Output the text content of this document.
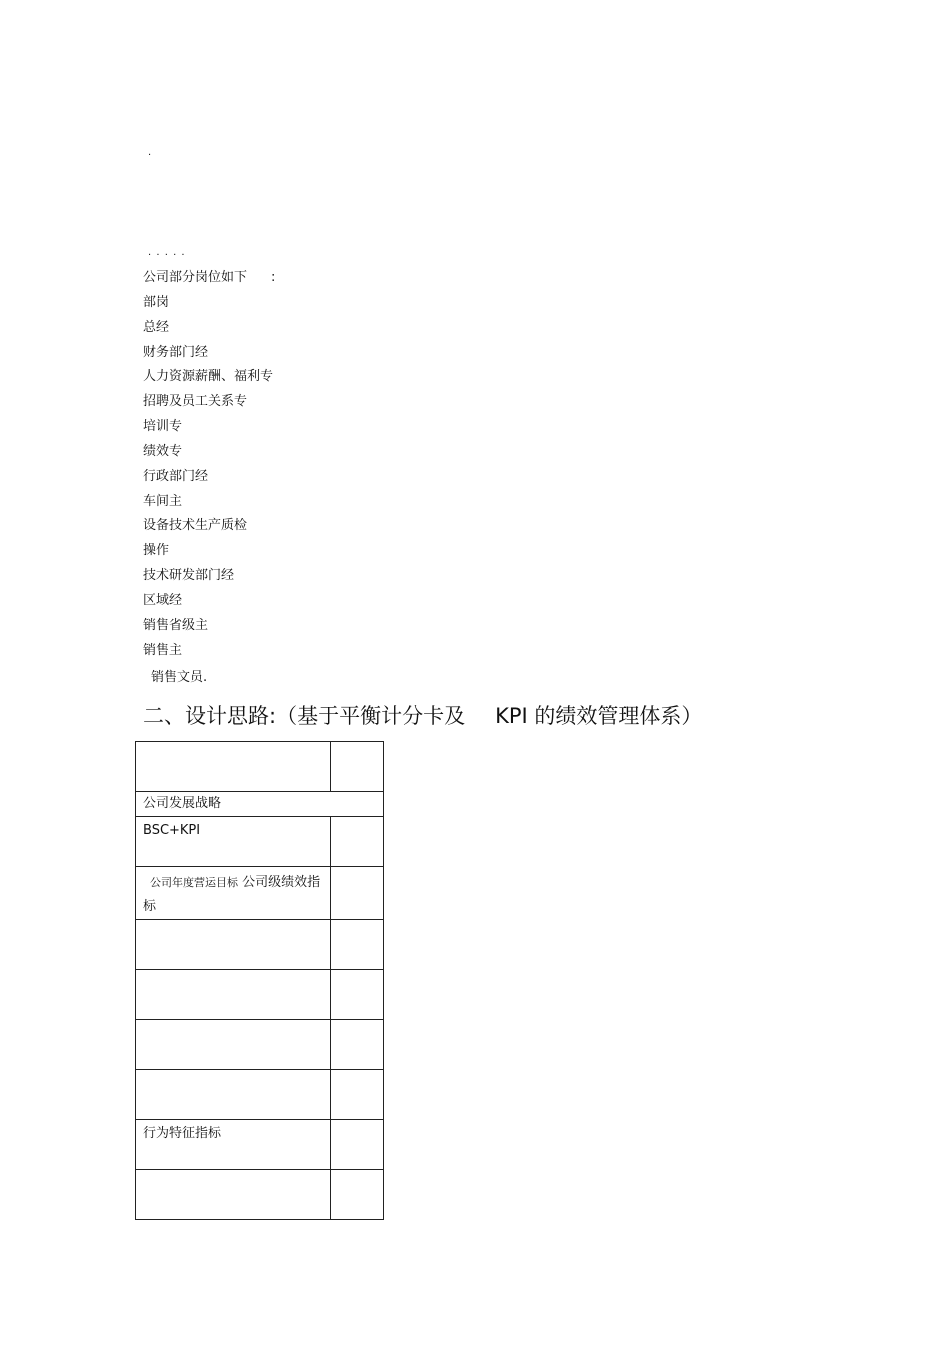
·
· · · · ·
公司部分岗位如下 :
部岗
总经
财务部门经
人力资源薪酬、福利专
招聘及员工关系专
培训专
绩效专
行政部门经
车间主
设备技术生产质检
操作
技术研发部门经
区域经
销售省级主
销售主
销售文员.
二、设计思路:（基于平衡计分卡及 KPI 的绩效管理体系）

公司发展战略	

BSC+KPI	

公司年度营运目标 公司级绩效指标	

行为特征指标	
